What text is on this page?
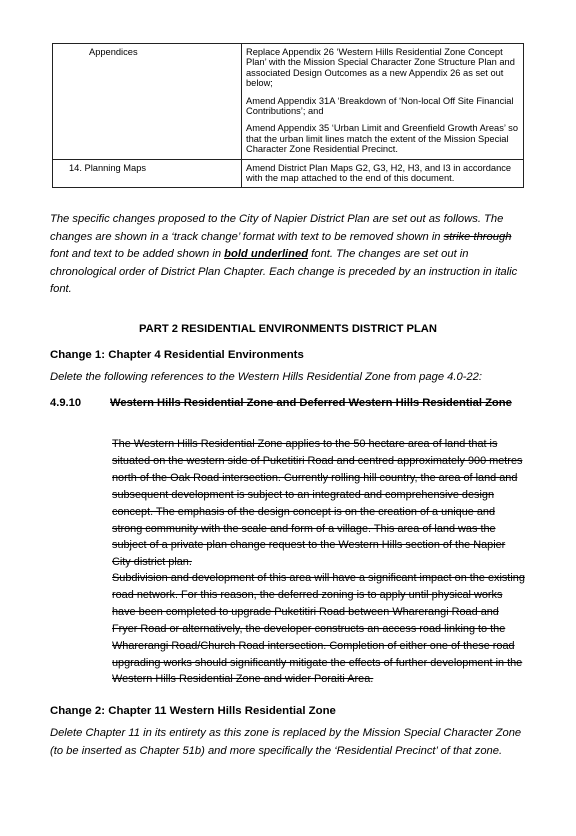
Appendices	Replace Appendix 26 ‘Western Hills Residential Zone Concept Plan’ with the Mission Special Character Zone Structure Plan and associated Design Outcomes as a new Appendix 26 as set out below;

Amend Appendix 31A ‘Breakdown of ‘Non-local Off Site Financial Contributions’; and

Amend Appendix 35 ‘Urban Limit and Greenfield Growth Areas’ so that the urban limit lines match the extent of the Mission Special Character Zone Residential Precinct.

14. Planning Maps	Amend District Plan Maps G2, G3, H2, H3, and I3 in accordance with the map attached to the end of this document.

The specific changes proposed to the City of Napier District Plan are set out as follows. The changes are shown in a ‘track change’ format with text to be removed shown in strike through font and text to be added shown in bold underlined font. The changes are set out in chronological order of District Plan Chapter. Each change is preceded by an instruction in italic font.

PART 2 RESIDENTIAL ENVIRONMENTS DISTRICT PLAN

Change 1: Chapter 4 Residential Environments

Delete the following references to the Western Hills Residential Zone from page 4.0-22:

4.9.10	Western Hills Residential Zone and Deferred Western Hills Residential Zone

The Western Hills Residential Zone applies to the 50 hectare area of land that is situated on the western side of Puketitiri Road and centred approximately 900 metres north of the Oak Road intersection. Currently rolling hill country, the area of land and subsequent development is subject to an integrated and comprehensive design concept. The emphasis of the design concept is on the creation of a unique and strong community with the scale and form of a village. This area of land was the subject of a private plan change request to the Western Hills section of the Napier City district plan.

Subdivision and development of this area will have a significant impact on the existing road network. For this reason, the deferred zoning is to apply until physical works have been completed to upgrade Puketitiri Road between Wharerangi Road and Fryer Road or alternatively, the developer constructs an access road linking to the Wharerangi Road/Church Road intersection. Completion of either one of these road upgrading works should significantly mitigate the effects of further development in the Western Hills Residential Zone and wider Poraiti Area.

Change 2: Chapter 11 Western Hills Residential Zone

Delete Chapter 11 in its entirety as this zone is replaced by the Mission Special Character Zone (to be inserted as Chapter 51b) and more specifically the ‘Residential Precinct’ of that zone.
